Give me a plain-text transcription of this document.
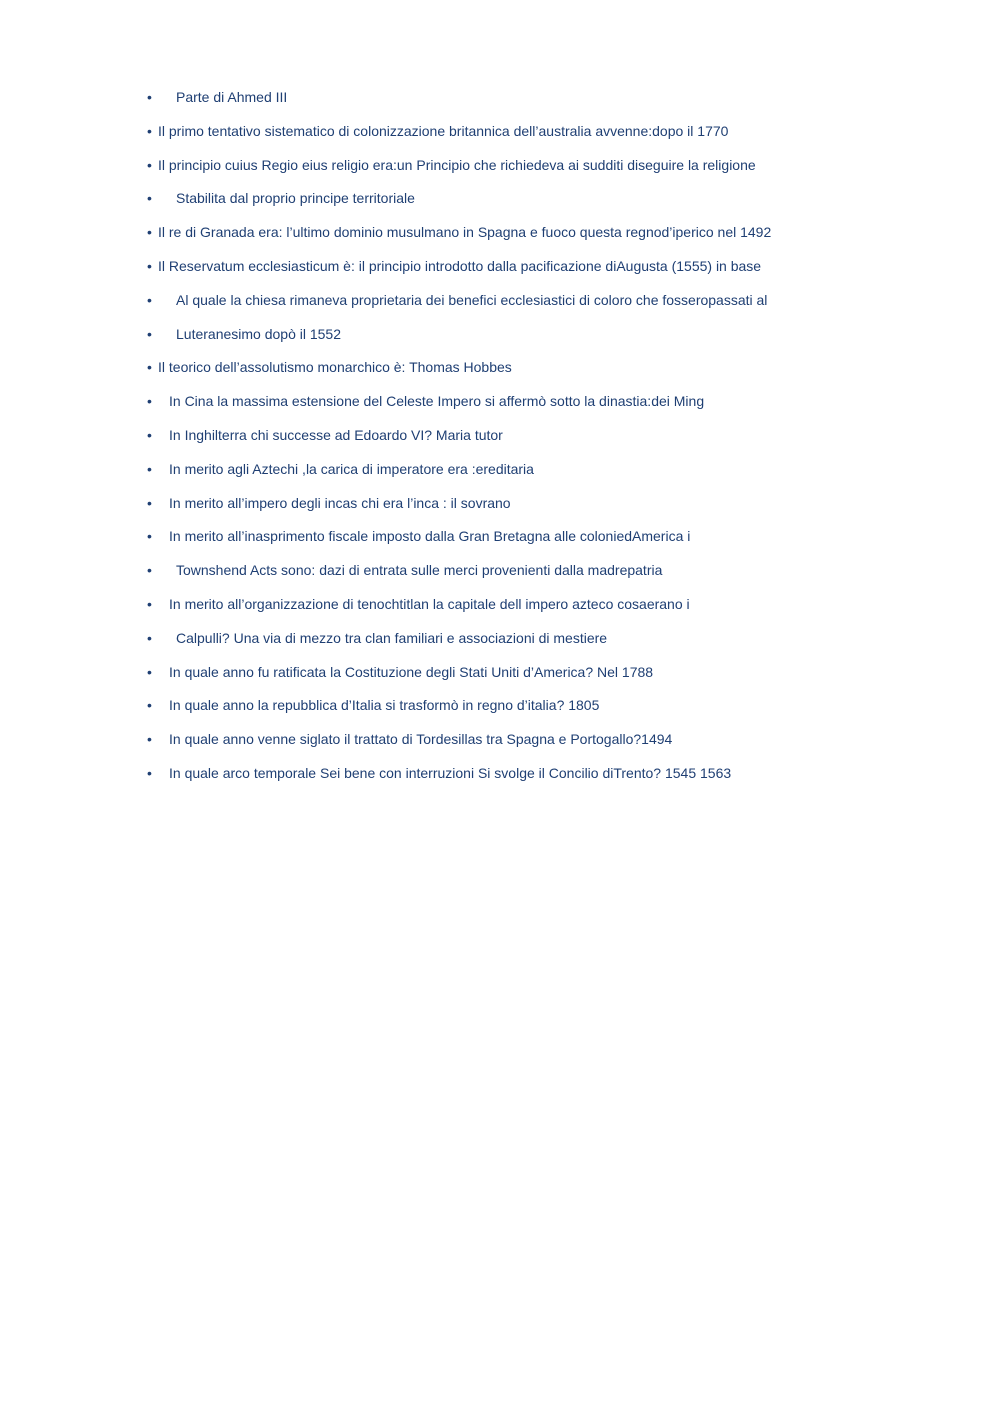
• Parte di Ahmed III
• Il primo tentativo sistematico di colonizzazione britannica dell’australia avvenne:dopo il 1770
• Il principio cuius Regio eius religio era:un Principio che richiedeva ai sudditi diseguire la religione
• Stabilita dal proprio principe territoriale
• Il re di Granada era: l’ultimo dominio musulmano in Spagna e fuoco questa regnod’iperico nel 1492
• Il Reservatum ecclesiasticum è: il principio introdotto dalla pacificazione diAugusta (1555) in base
• Al quale la chiesa rimaneva proprietaria dei benefici ecclesiastici di coloro che fosseropassati al
• Luteranesimo dopò il 1552
• Il teorico dell’assolutismo monarchico è: Thomas Hobbes
• In Cina la massima estensione del Celeste Impero si affermò sotto la dinastia:dei Ming
• In Inghilterra chi successe ad Edoardo VI? Maria tutor
• In merito agli Aztechi ,la carica di imperatore era :ereditaria
• In merito all’impero degli incas chi era l’inca : il sovrano
• In merito all’inasprimento fiscale imposto dalla Gran Bretagna alle coloniedAmerica i
• Townshend Acts sono: dazi di entrata sulle merci provenienti dalla madrepatria
• In merito all’organizzazione di tenochtitlan la capitale dell impero azteco cosaerano i
• Calpulli? Una via di mezzo tra clan familiari e associazioni di mestiere
• In quale anno fu ratificata la Costituzione degli Stati Uniti d’America? Nel 1788
• In quale anno la repubblica d’Italia si trasformò in regno d’italia? 1805
• In quale anno venne siglato il trattato di Tordesillas tra Spagna e Portogallo?1494
• In quale arco temporale Sei bene con interruzioni Si svolge il Concilio diTrento? 1545 1563
